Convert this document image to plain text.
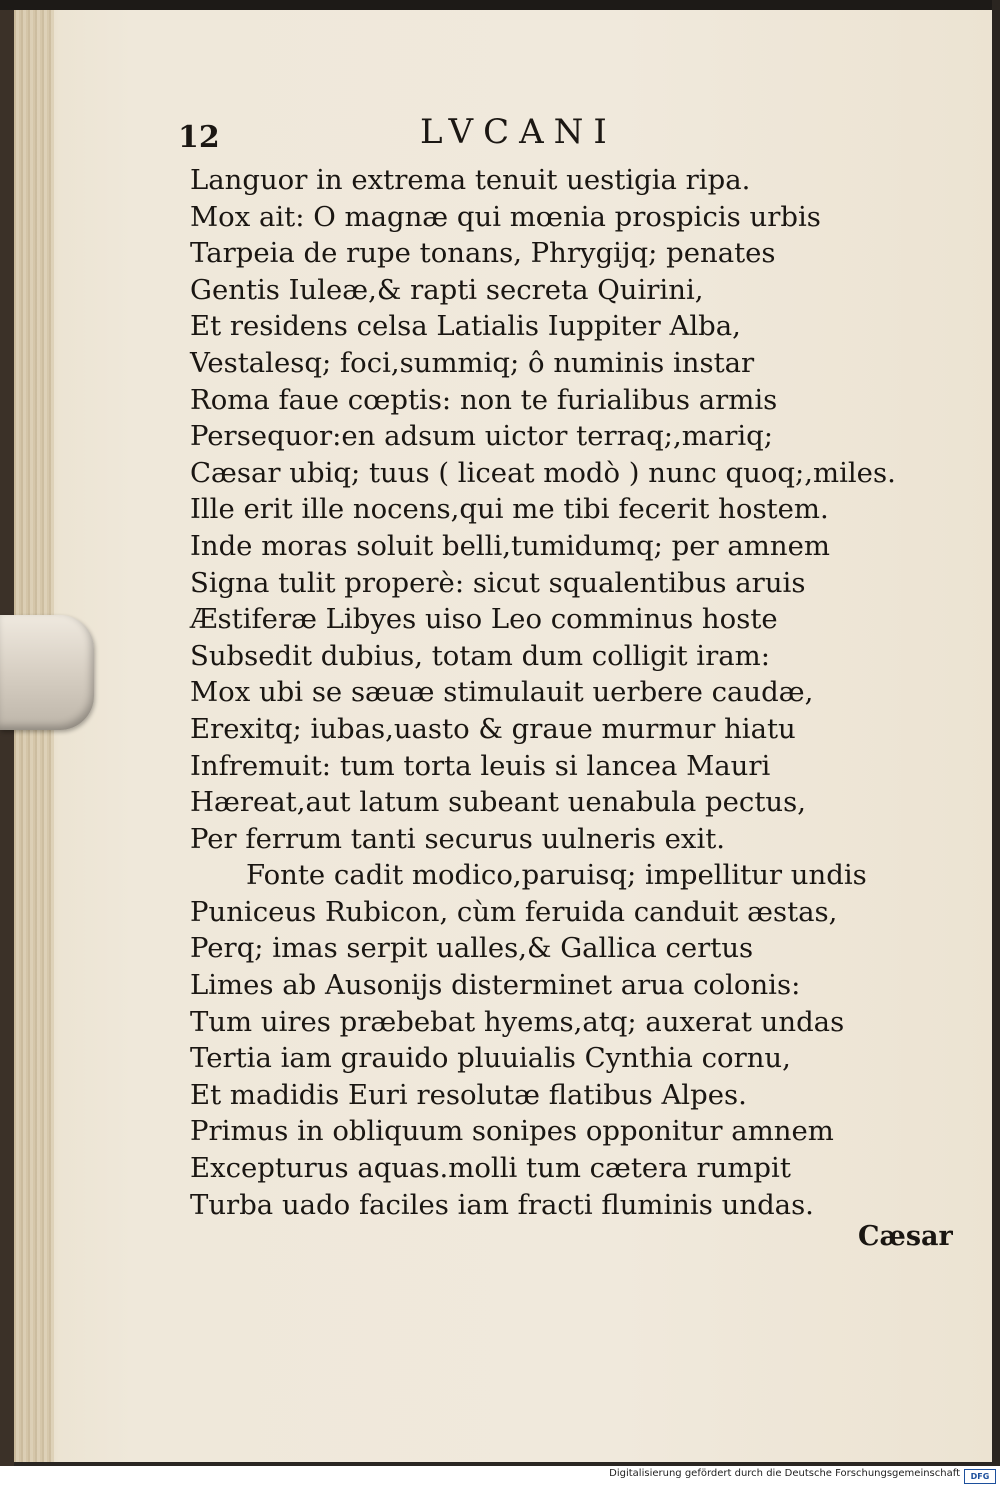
12	LVCANI
Languor in extrema tenuit uestigia ripa.
Mox ait: O magnæ qui mœnia prospicis urbis
Tarpeia de rupe tonans, Phrygijq; penates
Gentis Iuleæ,& rapti secreta Quirini,
Et residens celsa Latialis Iuppiter Alba,
Vestalesq; foci,summiq; ô numinis instar
Roma faue cœptis: non te furialibus armis
Persequor:en adsum uictor terraq;,mariq;
Cæsar ubiq; tuus ( liceat modò ) nunc quoq;,miles.
Ille erit ille nocens,qui me tibi fecerit hostem.
Inde moras soluit belli,tumidumq; per amnem
Signa tulit properè: sicut squalentibus aruis
Æstiferæ Libyes uiso Leo comminus hoste
Subsedit dubius, totam dum colligit iram:
Mox ubi se sæuæ stimulauit uerbere caudæ,
Erexitq; iubas,uasto & graue murmur hiatu
Infremuit: tum torta leuis si lancea Mauri
Hæreat,aut latum subeant uenabula pectus,
Per ferrum tanti securus uulneris exit.
Fonte cadit modico,paruisq; impellitur undis
Puniceus Rubicon, cùm feruida canduit æstas,
Perq; imas serpit ualles,& Gallica certus
Limes ab Ausonijs disterminet arua colonis:
Tum uires præbebat hyems,atq; auxerat undas
Tertia iam grauido pluuialis Cynthia cornu,
Et madidis Euri resolutæ flatibus Alpes.
Primus in obliquum sonipes opponitur amnem
Excepturus aquas.molli tum cætera rumpit
Turba uado faciles iam fracti fluminis undas.
Cæsar
Digitalisierung gefördert durch die Deutsche Forschungsgemeinschaft	DFG
